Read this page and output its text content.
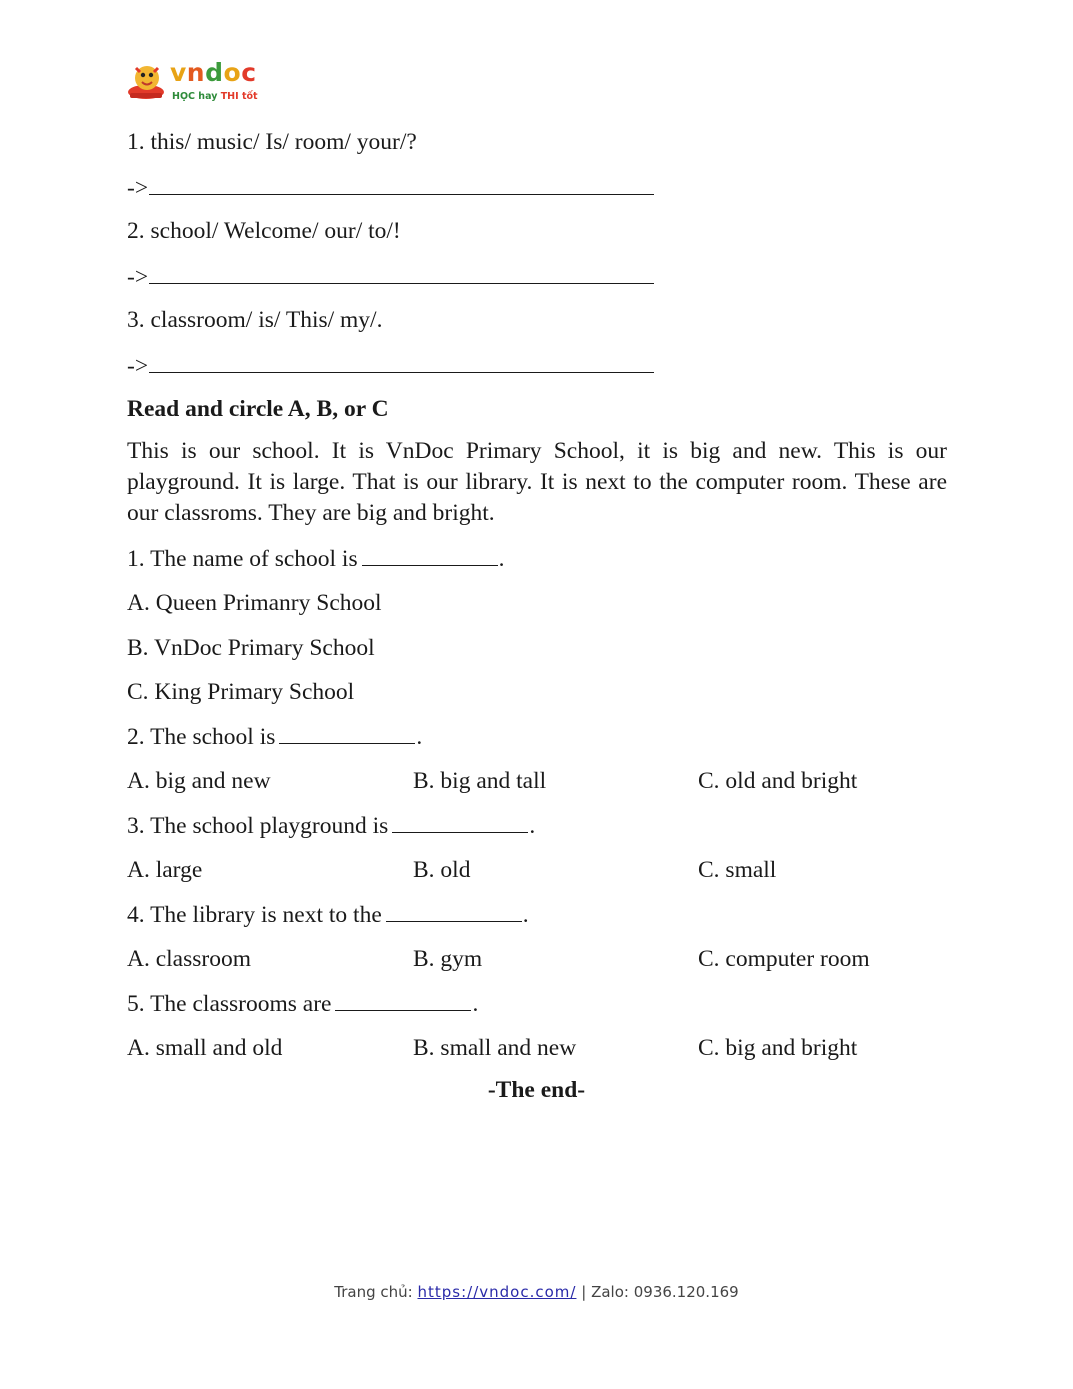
vndoc
HỌC hay THI tốt
1. this/ music/ Is/ room/ your/?
->
2. school/ Welcome/ our/ to/!
->
3. classroom/ is/ This/ my/.
->
Read and circle A, B, or C
This is our school. It is VnDoc Primary School, it is big and new. This is our playground. It is large. That is our library. It is next to the computer room. These are our classroms. They are big and bright.
1. The name of school is	.
A. Queen Primanry School
B. VnDoc Primary School
C. King Primary School
2. The school is	.
A. big and new	B. big and tall	C. old and bright
3. The school playground is	.
A. large	B. old	C. small
4. The library is next to the	.
A. classroom	B. gym	C. computer room
5. The classrooms are	.
A. small and old	B. small and new	C. big and bright
-The end-
Trang chủ: https://vndoc.com/ | Zalo: 0936.120.169
